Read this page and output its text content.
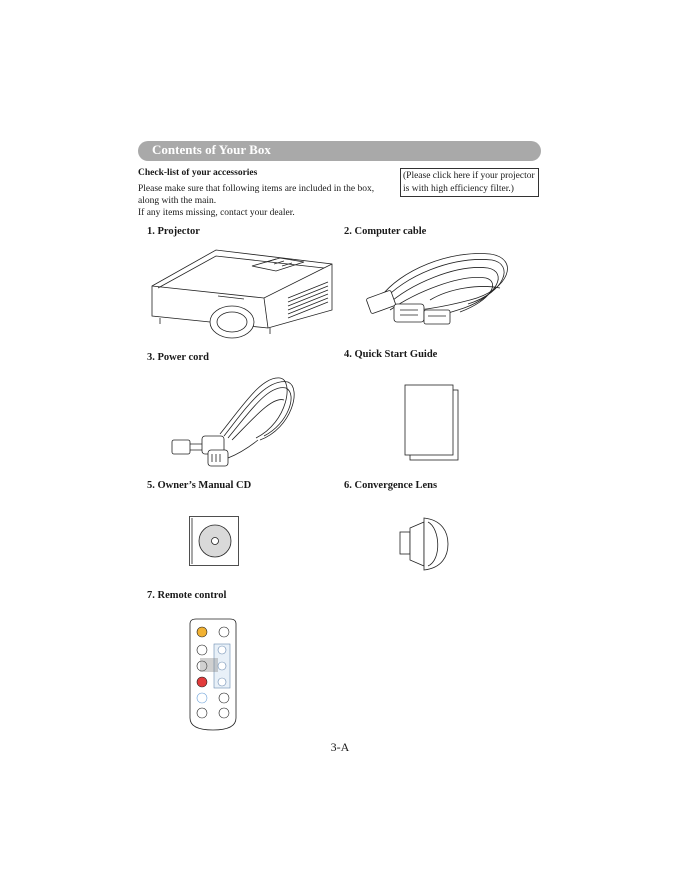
Contents of Your Box
Check-list of your accessories
Please make sure that following items are included in the box,
along with the main.
If any items missing, contact your dealer.
(Please click here if your projector
is with high efficiency filter.)
1. Projector	2. Computer cable
3. Power cord	4. Quick Start Guide
5. Owner’s Manual CD	6. Convergence Lens
7. Remote control
3-A
